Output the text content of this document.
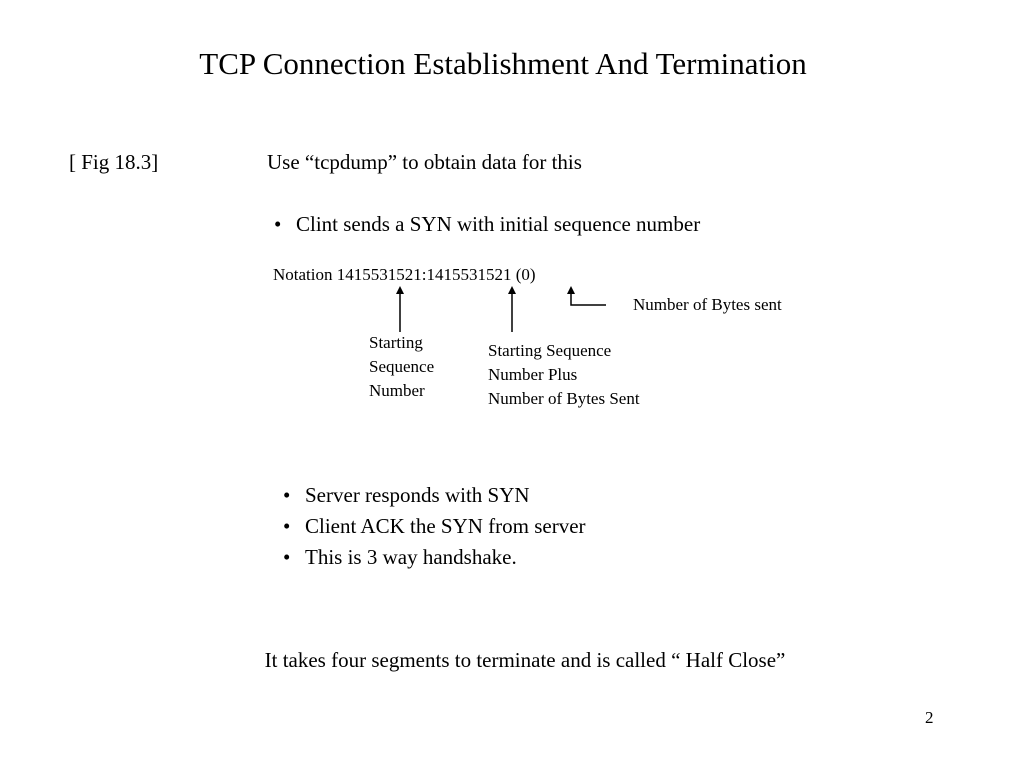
TCP Connection Establishment And Termination
[ Fig 18.3]	Use “tcpdump” to obtain data for this
• Clint sends a SYN with initial sequence number
Notation 1415531521:1415531521 (0)
Number of Bytes sent
Starting
Sequence
Number
Starting Sequence
Number Plus
Number of Bytes Sent
• Server responds with SYN
• Client ACK the SYN from server
• This is 3 way handshake.
It takes four segments to terminate and is called “ Half Close”
2
